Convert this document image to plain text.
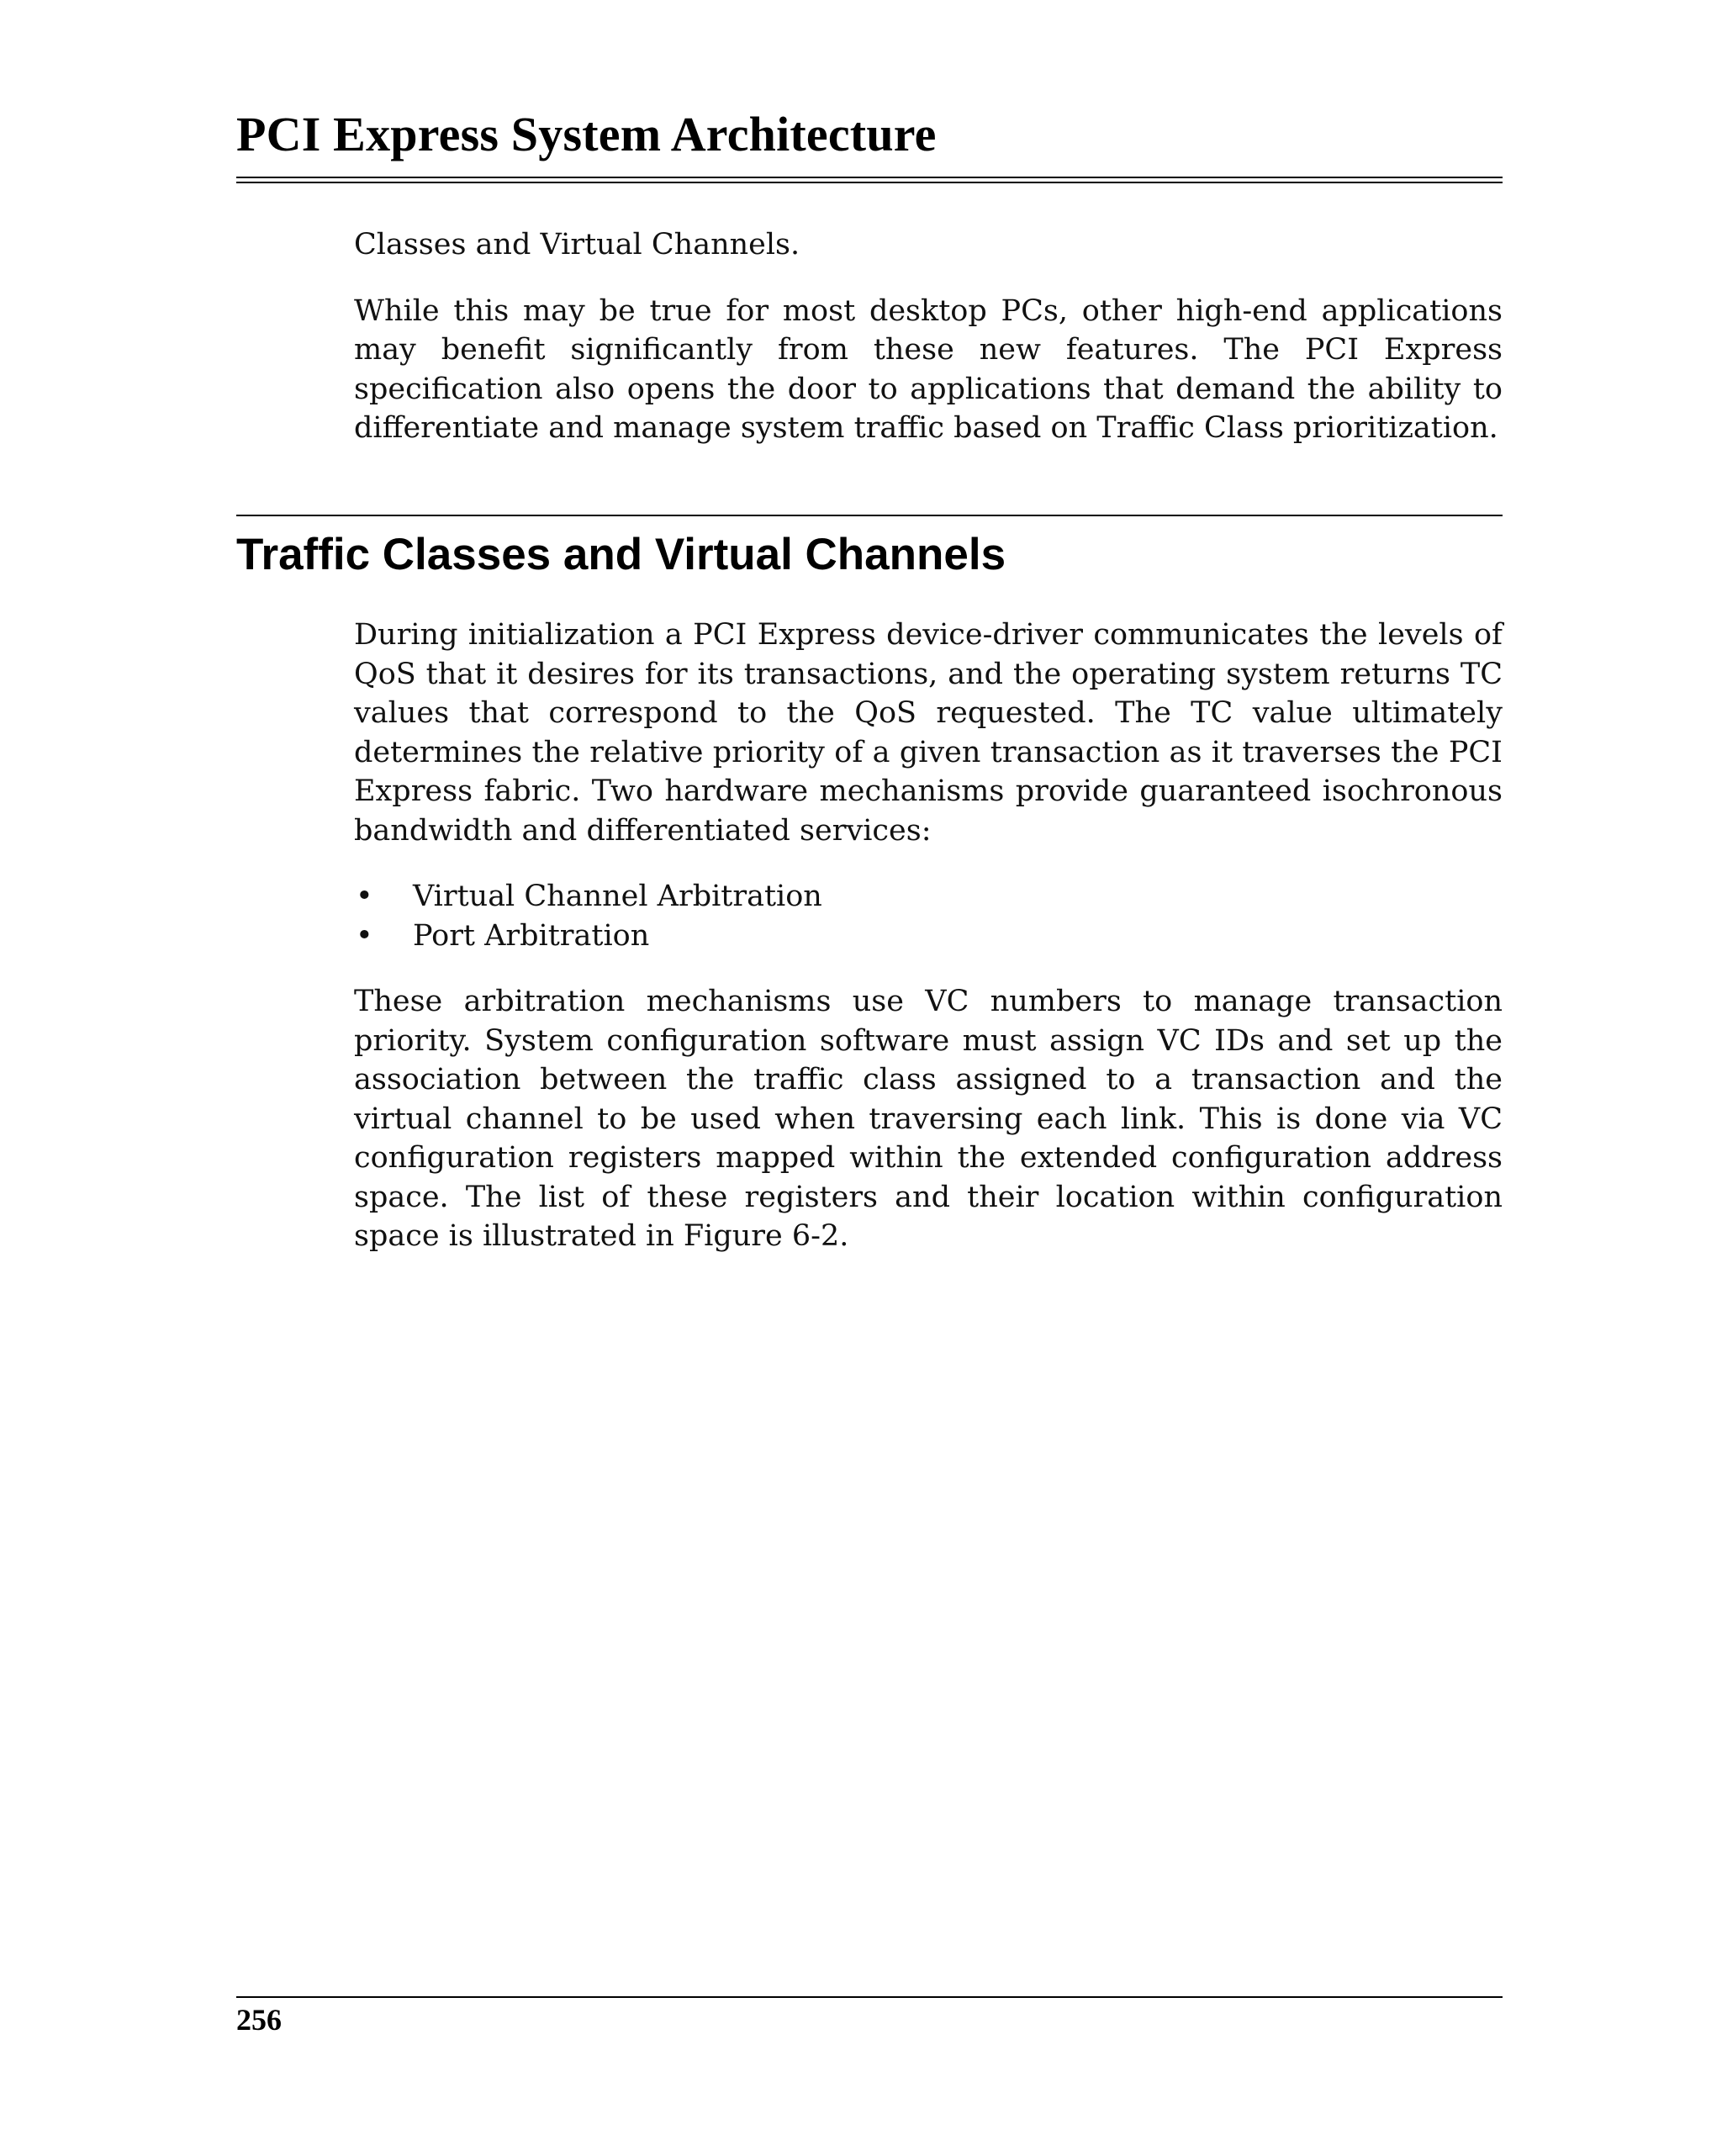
PCI Express System Architecture

Classes and Virtual Channels.

While this may be true for most desktop PCs, other high-end applications may benefit significantly from these new features. The PCI Express specification also opens the door to applications that demand the ability to differentiate and manage system traffic based on Traffic Class prioritization.

Traffic Classes and Virtual Channels

During initialization a PCI Express device-driver communicates the levels of QoS that it desires for its transactions, and the operating system returns TC values that correspond to the QoS requested. The TC value ultimately determines the relative priority of a given transaction as it traverses the PCI Express fabric. Two hardware mechanisms provide guaranteed isochronous bandwidth and differentiated services:

• Virtual Channel Arbitration
• Port Arbitration

These arbitration mechanisms use VC numbers to manage transaction priority. System configuration software must assign VC IDs and set up the association between the traffic class assigned to a transaction and the virtual channel to be used when traversing each link. This is done via VC configuration registers mapped within the extended configuration address space. The list of these registers and their location within configuration space is illustrated in Figure 6-2.

256
